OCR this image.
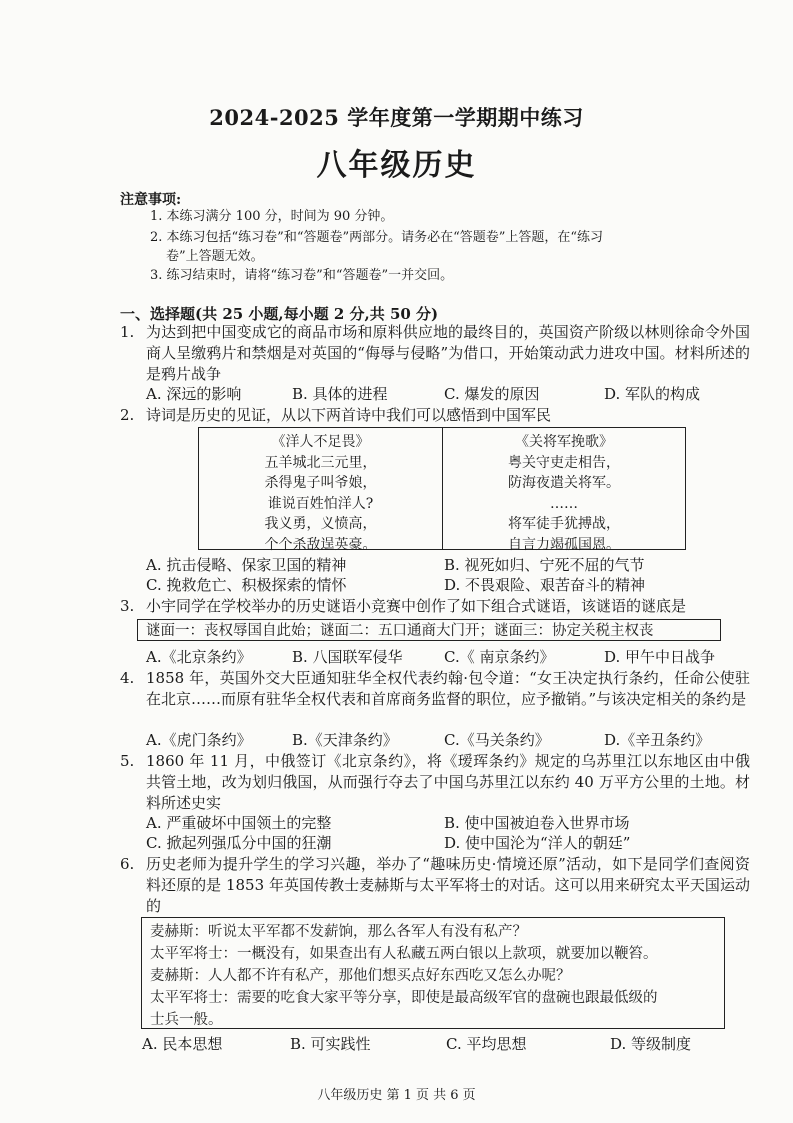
2024-2025 学年度第一学期期中练习
八年级历史
注意事项:
1. 本练习满分 100 分，时间为 90 分钟。
2. 本练习包括“练习卷”和“答题卷”两部分。请务必在“答题卷”上答题，在“练习
卷”上答题无效。
3. 练习结束时，请将“练习卷”和“答题卷”一并交回。
一、选择题(共 25 小题,每小题 2 分,共 50 分)
1. 为达到把中国变成它的商品市场和原料供应地的最终目的，英国资产阶级以林则徐命令外国商人呈缴鸦片和禁烟是对英国的“侮辱与侵略”为借口，开始策动武力进攻中国。材料所述的是鸦片战争
A. 深远的影响	B. 具体的进程	C. 爆发的原因	D. 军队的构成
2. 诗词是历史的见证，从以下两首诗中我们可以感悟到中国军民
《洋人不足畏》
五羊城北三元里，
杀得鬼子叫爷娘，
谁说百姓怕洋人?
我义勇，义愤高，
个个杀敌逞英豪。
《关将军挽歌》
粤关守吏走相告，
防海夜遣关将军。
……
将军徒手犹搏战，
自言力竭孤国恩。
A. 抗击侵略、保家卫国的精神	B. 视死如归、宁死不屈的气节
C. 挽救危亡、积极探索的情怀	D. 不畏艰险、艰苦奋斗的精神
3. 小宇同学在学校举办的历史谜语小竞赛中创作了如下组合式谜语，该谜语的谜底是
谜面一：丧权辱国自此始；谜面二：五口通商大门开；谜面三：协定关税主权丧
A.《北京条约》	B. 八国联军侵华	C.《 南京条约》	D. 甲午中日战争
4. 1858 年，英国外交大臣通知驻华全权代表约翰·包令道：“女王决定执行条约，任命公使驻在北京……而原有驻华全权代表和首席商务监督的职位，应予撤销。”与该决定相关的条约是
A.《虎门条约》	B.《天津条约》	C.《马关条约》	D.《辛丑条约》
5. 1860 年 11 月，中俄签订《北京条约》，将《瑷珲条约》规定的乌苏里江以东地区由中俄共管土地，改为划归俄国，从而强行夺去了中国乌苏里江以东约 40 万平方公里的土地。材料所述史实
A. 严重破坏中国领土的完整	B. 使中国被迫卷入世界市场
C. 掀起列强瓜分中国的狂潮	D. 使中国沦为“洋人的朝廷”
6. 历史老师为提升学生的学习兴趣，举办了“趣味历史·情境还原”活动，如下是同学们查阅资料还原的是 1853 年英国传教士麦赫斯与太平军将士的对话。这可以用来研究太平天国运动的
麦赫斯：听说太平军都不发薪饷，那么各军人有没有私产？
太平军将士：一概没有，如果查出有人私藏五两白银以上款项，就要加以鞭笞。
麦赫斯：人人都不许有私产，那他们想买点好东西吃又怎么办呢？
太平军将士：需要的吃食大家平等分享，即使是最高级军官的盘碗也跟最低级的
士兵一般。
A. 民本思想	B. 可实践性	C. 平均思想	D. 等级制度
八年级历史 第 1 页 共 6 页
